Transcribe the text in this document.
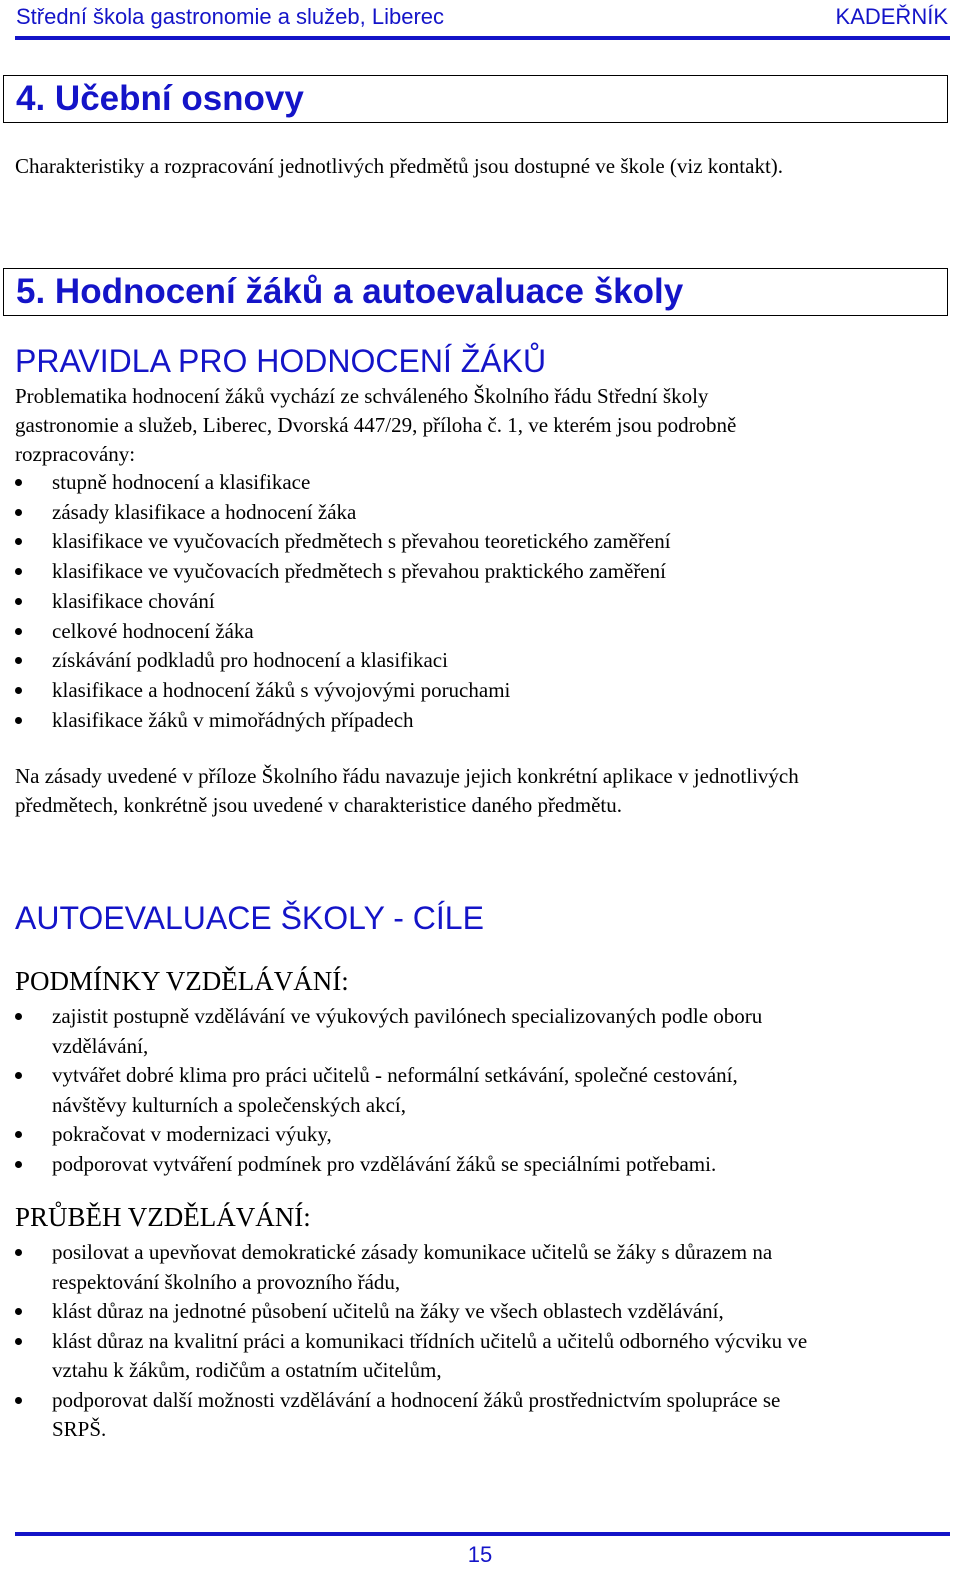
Střední škola gastronomie a služeb, Liberec	KADEŘNÍK
4. Učební osnovy
Charakteristiky a rozpracování jednotlivých předmětů jsou dostupné ve škole (viz kontakt).
5. Hodnocení žáků a autoevaluace školy
PRAVIDLA PRO HODNOCENÍ ŽÁKŮ
Problematika hodnocení žáků vychází ze schváleného Školního řádu Střední školy
gastronomie a služeb, Liberec, Dvorská 447/29, příloha č. 1, ve kterém jsou podrobně
rozpracovány:
stupně hodnocení a klasifikace
zásady klasifikace a hodnocení žáka
klasifikace ve vyučovacích předmětech s převahou teoretického zaměření
klasifikace ve vyučovacích předmětech s převahou praktického zaměření
klasifikace chování
celkové hodnocení žáka
získávání podkladů pro hodnocení a klasifikaci
klasifikace a hodnocení žáků s vývojovými poruchami
klasifikace žáků v mimořádných případech
Na zásady uvedené v příloze Školního řádu navazuje jejich konkrétní aplikace v jednotlivých
předmětech, konkrétně jsou uvedené v charakteristice daného předmětu.
AUTOEVALUACE ŠKOLY - CÍLE
PODMÍNKY VZDĚLÁVÁNÍ:
zajistit postupně vzdělávání ve výukových pavilónech specializovaných podle oboru
vzdělávání,
vytvářet dobré klima pro práci učitelů - neformální setkávání, společné cestování,
návštěvy kulturních a společenských akcí,
pokračovat v modernizaci výuky,
podporovat vytváření podmínek pro vzdělávání žáků se speciálními potřebami.
PRŮBĚH VZDĚLÁVÁNÍ:
posilovat a upevňovat demokratické zásady komunikace učitelů se žáky s důrazem na
respektování školního a provozního řádu,
klást důraz na jednotné působení učitelů na žáky ve všech oblastech vzdělávání,
klást důraz na kvalitní práci a komunikaci třídních učitelů a učitelů odborného výcviku ve
vztahu k žákům, rodičům a ostatním učitelům,
podporovat další možnosti vzdělávání a hodnocení žáků prostřednictvím spolupráce se
SRPŠ.
15
